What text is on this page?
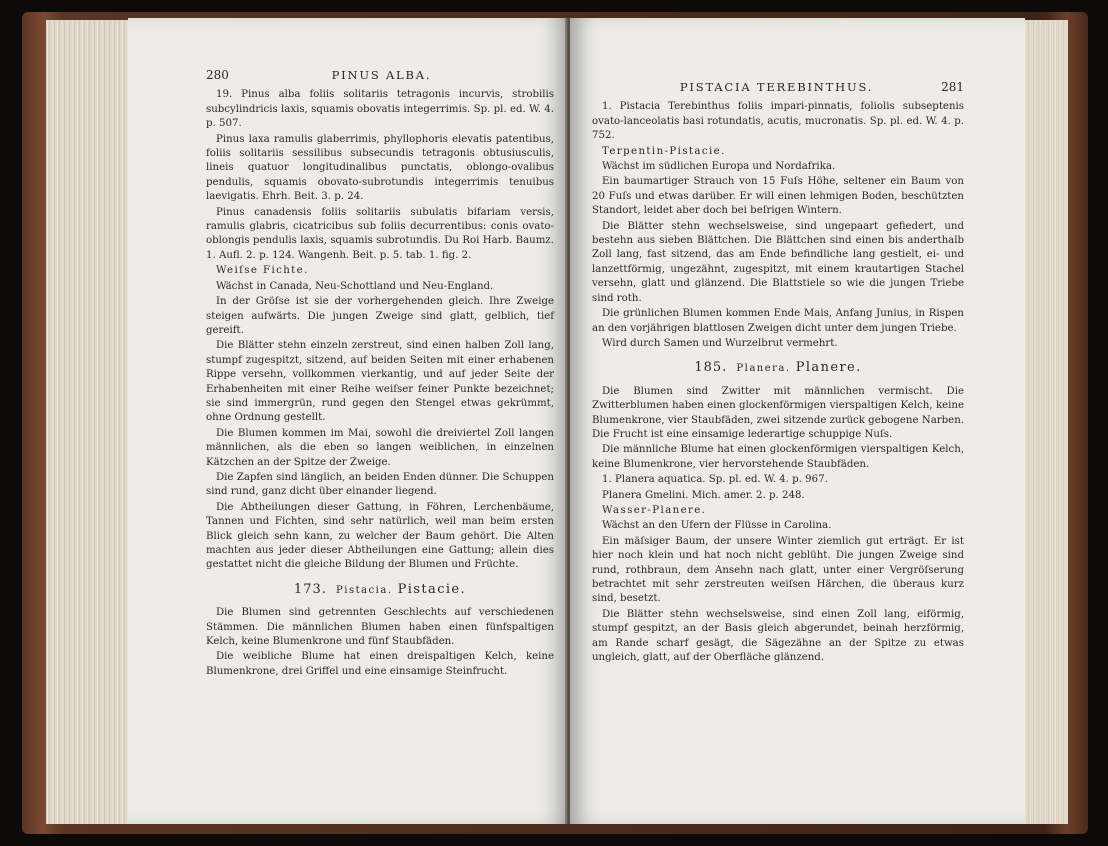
280	PINUS ALBA.

19. Pinus alba foliis solitariis tetragonis incurvis, strobilis subcylindricis laxis, squamis obovatis integerrimis. Sp. pl. ed. W. 4. p. 507.

Pinus laxa ramulis glaberrimis, phyllophoris elevatis patentibus, foliis solitariis sessilibus subsecundis tetragonis obtusiusculis, lineis quatuor longitudinalibus punctatis, oblongo-ovalibus pendulis, squamis obovato-subrotundis integerrimis tenuibus laevigatis. Ehrh. Beit. 3. p. 24.

Pinus canadensis foliis solitariis subulatis bifariam versis, ramulis glabris, cicatricibus sub foliis decurrentibus: conis ovato-oblongis pendulis laxis, squamis subrotundis. Du Roi Harb. Baumz. 1. Aufl. 2. p. 124. Wangenh. Beit. p. 5. tab. 1. fig. 2.

Weiſse Fichte.

Wächst in Canada, Neu-Schottland und Neu-England.

In der Gröſse ist sie der vorhergehenden gleich. Ihre Zweige steigen aufwärts. Die jungen Zweige sind glatt, gelblich, tief gereift.

Die Blätter stehn einzeln zerstreut, sind einen halben Zoll lang, stumpf zugespitzt, sitzend, auf beiden Seiten mit einer erhabenen Rippe versehn, vollkommen vierkantig, und auf jeder Seite der Erhabenheiten mit einer Reihe weiſser feiner Punkte bezeichnet; sie sind immergrün, rund gegen den Stengel etwas gekrümmt, ohne Ordnung gestellt.

Die Blumen kommen im Mai, sowohl die dreiviertel Zoll langen männlichen, als die eben so langen weiblichen, in einzelnen Kätzchen an der Spitze der Zweige.

Die Zapfen sind länglich, an beiden Enden dünner. Die Schuppen sind rund, ganz dicht über einander liegend.

Die Abtheilungen dieser Gattung, in Föhren, Lerchenbäume, Tannen und Fichten, sind sehr natürlich, weil man beim ersten Blick gleich sehn kann, zu welcher der Baum gehört. Die Alten machten aus jeder dieser Abtheilungen eine Gattung; allein dies gestattet nicht die gleiche Bildung der Blumen und Früchte.

173. Pistacia. Pistacie.

Die Blumen sind getrennten Geschlechts auf verschiedenen Stämmen. Die männlichen Blumen haben einen fünfspaltigen Kelch, keine Blumenkrone und fünf Staubfäden.

Die weibliche Blume hat einen dreispaltigen Kelch, keine Blumenkrone, drei Griffel und eine einsamige Steinfrucht.

PISTACIA TEREBINTHUS.	281

1. Pistacia Terebinthus foliis impari-pinnatis, foliolis subseptenis ovato-lanceolatis basi rotundatis, acutis, mucronatis. Sp. pl. ed. W. 4. p. 752.

Terpentin-Pistacie.

Wächst im südlichen Europa und Nordafrika.

Ein baumartiger Strauch von 15 Fuſs Höhe, seltener ein Baum von 20 Fuſs und etwas darüber. Er will einen lehmigen Boden, beschützten Standort, leidet aber doch bei beſrigen Wintern.

Die Blätter stehn wechselsweise, sind ungepaart gefiedert, und bestehn aus sieben Blättchen. Die Blättchen sind einen bis anderthalb Zoll lang, fast sitzend, das am Ende befindliche lang gestielt, ei- und lanzettförmig, ungezähnt, zugespitzt, mit einem krautartigen Stachel versehn, glatt und glänzend. Die Blattstiele so wie die jungen Triebe sind roth.

Die grünlichen Blumen kommen Ende Mais, Anfang Junius, in Rispen an den vorjährigen blattlosen Zweigen dicht unter dem jungen Triebe.

Wird durch Samen und Wurzelbrut vermehrt.

185. Planera. Planere.

Die Blumen sind Zwitter mit männlichen vermischt. Die Zwitterblumen haben einen glockenförmigen vierspaltigen Kelch, keine Blumenkrone, vier Staubfäden, zwei sitzende zurück gebogene Narben. Die Frucht ist eine einsamige lederartige schuppige Nuſs.

Die männliche Blume hat einen glockenförmigen vierspaltigen Kelch, keine Blumenkrone, vier hervorstehende Staubfäden.

1. Planera aquatica. Sp. pl. ed. W. 4. p. 967.

Planera Gmelini. Mich. amer. 2. p. 248.

Wasser-Planere.

Wächst an den Ufern der Flüsse in Carolina.

Ein mäſsiger Baum, der unsere Winter ziemlich gut erträgt. Er ist hier noch klein und hat noch nicht geblüht. Die jungen Zweige sind rund, rothbraun, dem Ansehn nach glatt, unter einer Vergröſserung betrachtet mit sehr zerstreuten weiſsen Härchen, die überaus kurz sind, besetzt.

Die Blätter stehn wechselsweise, sind einen Zoll lang, eiförmig, stumpf gespitzt, an der Basis gleich abgerundet, beinah herzförmig, am Rande scharf gesägt, die Sägezähne an der Spitze zu etwas ungleich, glatt, auf der Oberfläche glänzend.
